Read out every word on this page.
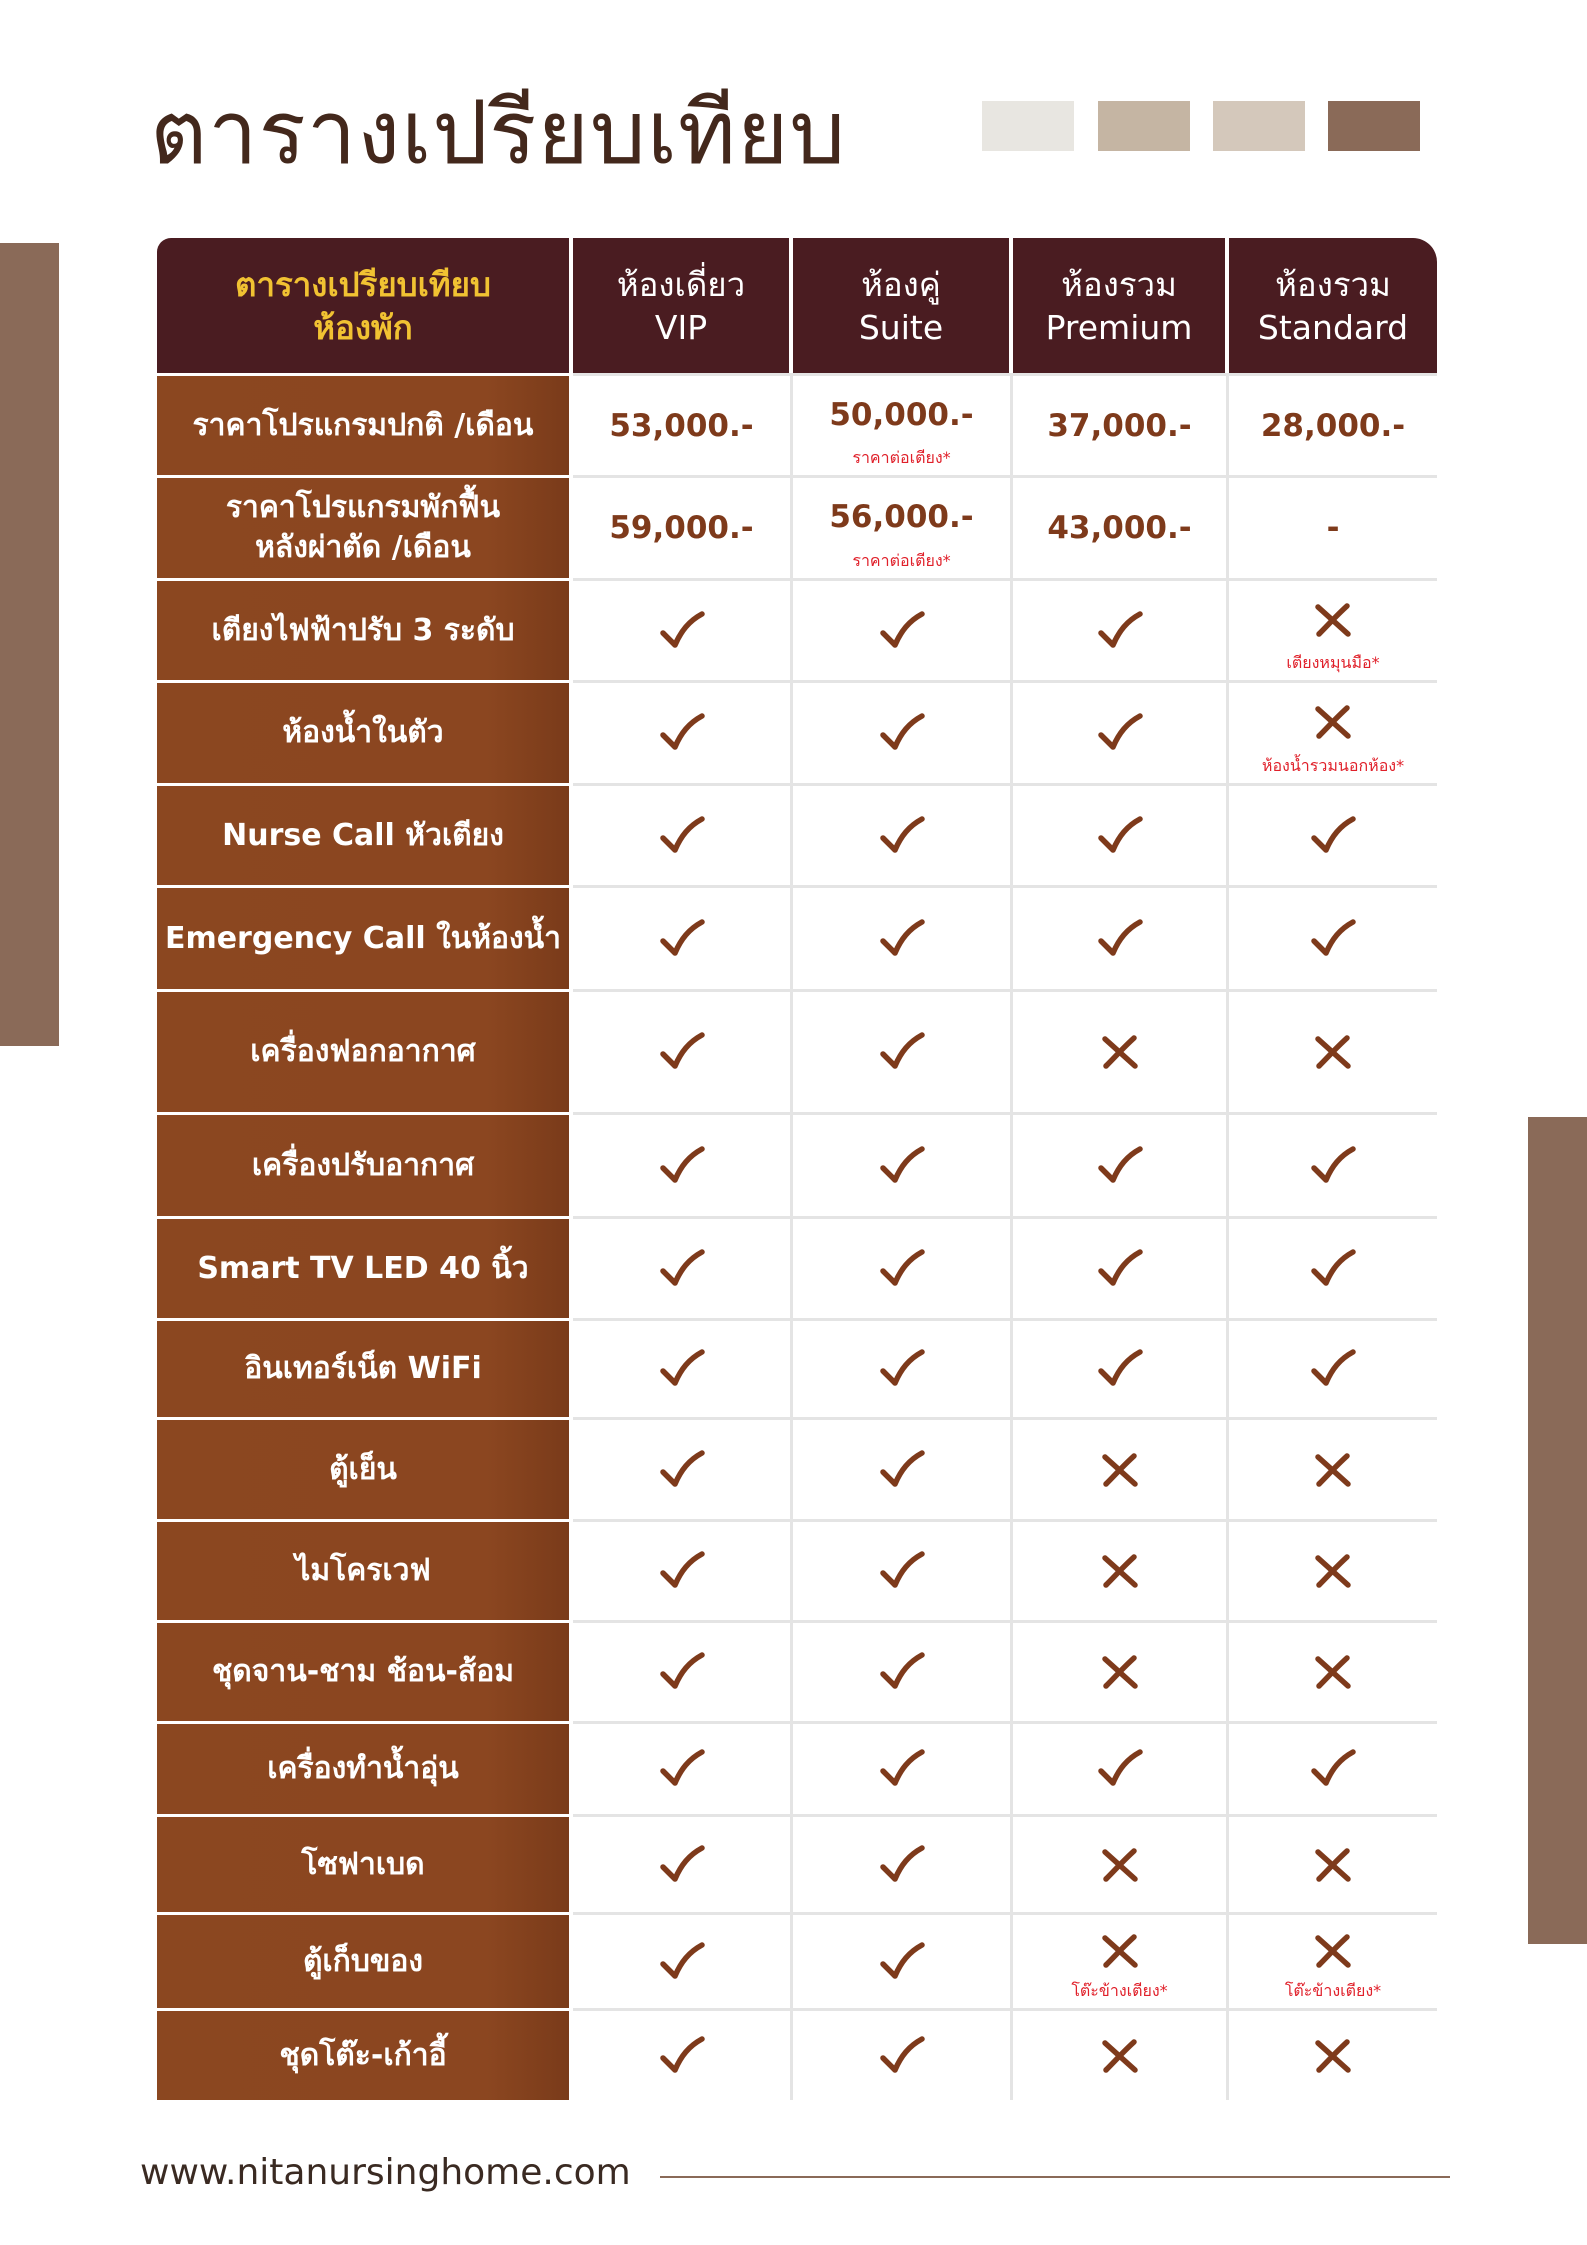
ตารางเปรียบเทียบ
ตารางเปรียบเทียบ
ห้องพัก
ห้องเดี่ยว
VIP
ห้องคู่
Suite
ห้องรวม
Premium
ห้องรวม
Standard
ราคาโปรแกรมปกติ /เดือน 53,000.- 50,000.-
ราคาต่อเตียง*
37,000.- 28,000.-
ราคาโปรแกรมพักฟื้น
หลังผ่าตัด /เดือน
59,000.- 56,000.-
ราคาต่อเตียง*
43,000.-	-
เตียงไฟฟ้าปรับ 3 ระดับ
เตียงหมุนมือ*
ห้องน้ำในตัว
ห้องน้ำรวมนอกห้อง*
Nurse Call หัวเตียง
Emergency Call ในห้องน้ำ
เครื่องฟอกอากาศ
เครื่องปรับอากาศ
Smart TV LED 40 นิ้ว
อินเทอร์เน็ต WiFi
ตู้เย็น
ไมโครเวฟ
ชุดจาน-ชาม ช้อน-ส้อม
เครื่องทำน้ำอุ่น
โซฟาเบด
ตู้เก็บของ
โต๊ะข้างเตียง*	โต๊ะข้างเตียง*
ชุดโต๊ะ-เก้าอี้
www.nitanursinghome.com
